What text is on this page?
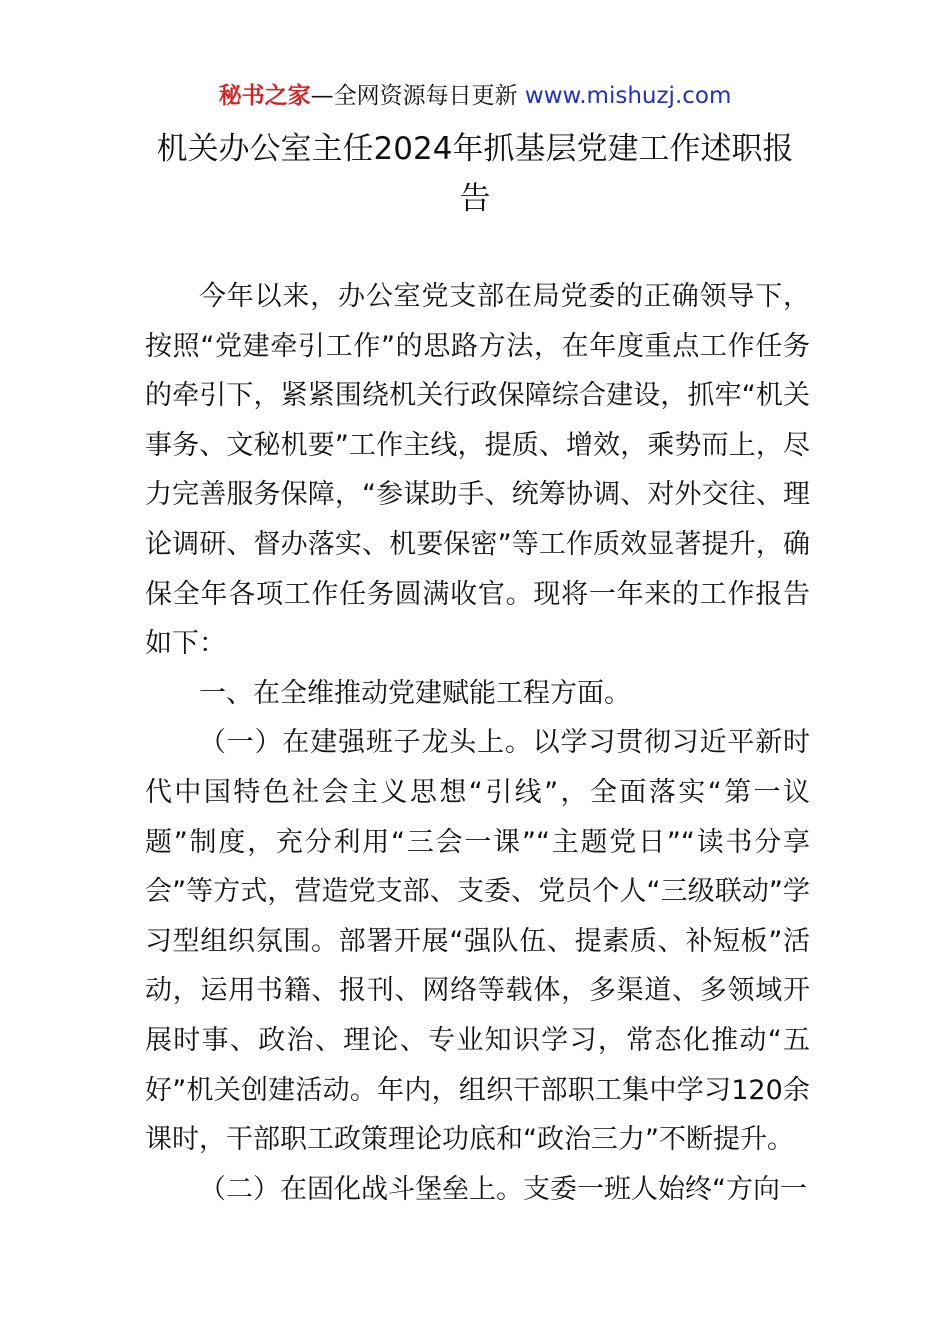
秘书之家—全网资源每日更新 www.mishuzj.com
机关办公室主任2024年抓基层党建工作述职报告

今年以来，办公室党支部在局党委的正确领导下，按照“党建牵引工作”的思路方法，在年度重点工作任务的牵引下，紧紧围绕机关行政保障综合建设，抓牢“机关事务、文秘机要”工作主线，提质、增效，乘势而上，尽力完善服务保障，“参谋助手、统筹协调、对外交往、理论调研、督办落实、机要保密”等工作质效显著提升，确保全年各项工作任务圆满收官。现将一年来的工作报告如下：

一、在全维推动党建赋能工程方面。

（一）在建强班子龙头上。以学习贯彻习近平新时代中国特色社会主义思想“引线”，全面落实“第一议题”制度，充分利用“三会一课”“主题党日”“读书分享会”等方式，营造党支部、支委、党员个人“三级联动”学习型组织氛围。部署开展“强队伍、提素质、补短板”活动，运用书籍、报刊、网络等载体，多渠道、多领域开展时事、政治、理论、专业知识学习，常态化推动“五好”机关创建活动。年内，组织干部职工集中学习120余课时，干部职工政策理论功底和“政治三力”不断提升。

（二）在固化战斗堡垒上。支委一班人始终“方向一
